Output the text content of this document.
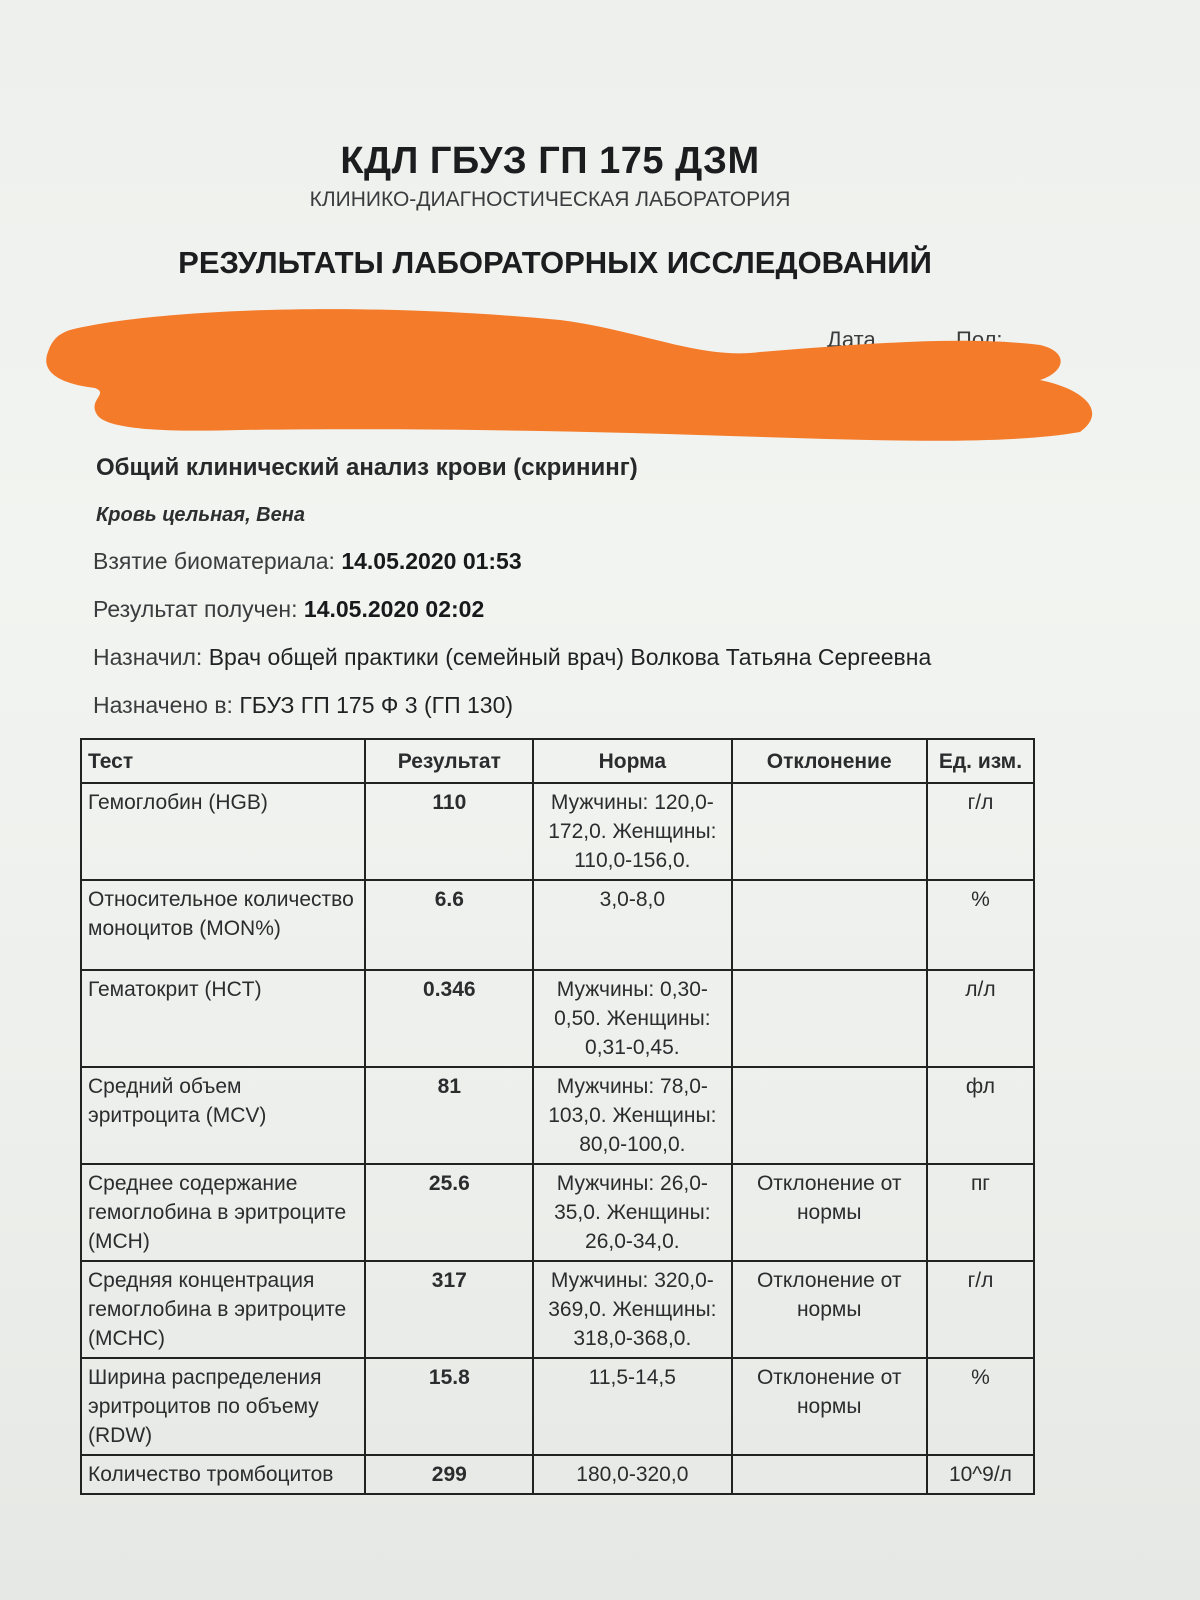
КДЛ ГБУЗ ГП 175 ДЗМ
КЛИНИКО-ДИАГНОСТИЧЕСКАЯ ЛАБОРАТОРИЯ
РЕЗУЛЬТАТЫ ЛАБОРАТОРНЫХ ИССЛЕДОВАНИЙ
Дата	Пол:
Общий клинический анализ крови (скрининг)
Кровь цельная, Вена
Взятие биоматериала: 14.05.2020 01:53
Результат получен: 14.05.2020 02:02
Назначил: Врач общей практики (семейный врач) Волкова Татьяна Сергеевна
Назначено в: ГБУЗ ГП 175 Ф 3 (ГП 130)
Тест	Результат	Норма	Отклонение	Ед. изм.
Гемоглобин (HGB)	110	Мужчины: 120,0-172,0. Женщины: 110,0-156,0.		г/л
Относительное количество моноцитов (MON%)	6.6	3,0-8,0		%
Гематокрит (HCT)	0.346	Мужчины: 0,30-0,50. Женщины: 0,31-0,45.		л/л
Средний объем эритроцита (MCV)	81	Мужчины: 78,0-103,0. Женщины: 80,0-100,0.		фл
Среднее содержание гемоглобина в эритроците (MCH)	25.6	Мужчины: 26,0-35,0. Женщины: 26,0-34,0.	Отклонение от нормы	пг
Средняя концентрация гемоглобина в эритроците (MCHC)	317	Мужчины: 320,0-369,0. Женщины: 318,0-368,0.	Отклонение от нормы	г/л
Ширина распределения эритроцитов по объему (RDW)	15.8	11,5-14,5	Отклонение от нормы	%
Количество тромбоцитов	299	180,0-320,0		10^9/л
